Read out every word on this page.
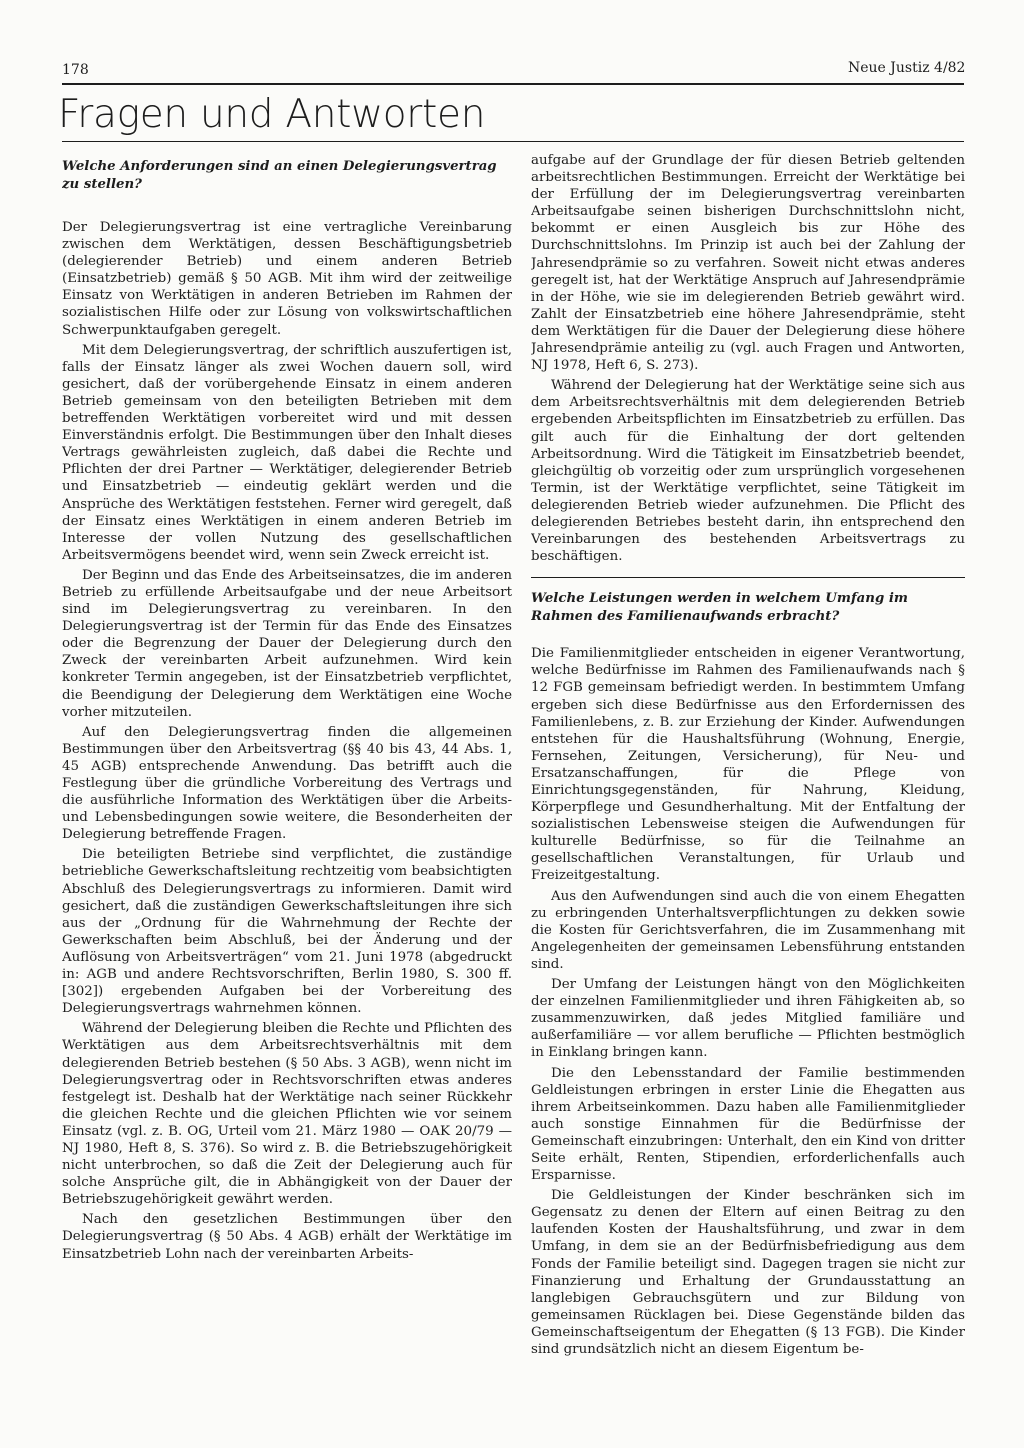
178	Neue Justiz 4/82
Fragen und Antworten
Welche Anforderungen sind an einen Delegierungsvertrag zu stellen?

Der Delegierungsvertrag ist eine vertragliche Vereinbarung zwischen dem Werktätigen, dessen Beschäftigungsbetrieb (delegierender Betrieb) und einem anderen Betrieb (Einsatzbetrieb) gemäß § 50 AGB. Mit ihm wird der zeitweilige Einsatz von Werktätigen in anderen Betrieben im Rahmen der sozialistischen Hilfe oder zur Lösung von volkswirtschaftlichen Schwerpunktaufgaben geregelt.

Mit dem Delegierungsvertrag, der schriftlich auszufertigen ist, falls der Einsatz länger als zwei Wochen dauern soll, wird gesichert, daß der vorübergehende Einsatz in einem anderen Betrieb gemeinsam von den beteiligten Betrieben mit dem betreffenden Werktätigen vorbereitet wird und mit dessen Einverständnis erfolgt. Die Bestimmungen über den Inhalt dieses Vertrags gewährleisten zugleich, daß dabei die Rechte und Pflichten der drei Partner — Werktätiger, delegierender Betrieb und Einsatzbetrieb — eindeutig geklärt werden und die Ansprüche des Werktätigen feststehen. Ferner wird geregelt, daß der Einsatz eines Werktätigen in einem anderen Betrieb im Interesse der vollen Nutzung des gesellschaftlichen Arbeitsvermögens beendet wird, wenn sein Zweck erreicht ist.

Der Beginn und das Ende des Arbeitseinsatzes, die im anderen Betrieb zu erfüllende Arbeitsaufgabe und der neue Arbeitsort sind im Delegierungsvertrag zu vereinbaren. In den Delegierungsvertrag ist der Termin für das Ende des Einsatzes oder die Begrenzung der Dauer der Delegierung durch den Zweck der vereinbarten Arbeit aufzunehmen. Wird kein konkreter Termin angegeben, ist der Einsatzbetrieb verpflichtet, die Beendigung der Delegierung dem Werktätigen eine Woche vorher mitzuteilen.

Auf den Delegierungsvertrag finden die allgemeinen Bestimmungen über den Arbeitsvertrag (§§ 40 bis 43, 44 Abs. 1, 45 AGB) entsprechende Anwendung. Das betrifft auch die Festlegung über die gründliche Vorbereitung des Vertrags und die ausführliche Information des Werktätigen über die Arbeits- und Lebensbedingungen sowie weitere, die Besonderheiten der Delegierung betreffende Fragen.

Die beteiligten Betriebe sind verpflichtet, die zuständige betriebliche Gewerkschaftsleitung rechtzeitig vom beabsichtigten Abschluß des Delegierungsvertrags zu informieren. Damit wird gesichert, daß die zuständigen Gewerkschaftsleitungen ihre sich aus der „Ordnung für die Wahrnehmung der Rechte der Gewerkschaften beim Abschluß, bei der Änderung und der Auflösung von Arbeitsverträgen“ vom 21. Juni 1978 (abgedruckt in: AGB und andere Rechtsvorschriften, Berlin 1980, S. 300 ff. [302]) ergebenden Aufgaben bei der Vorbereitung des Delegierungsvertrags wahrnehmen können.

Während der Delegierung bleiben die Rechte und Pflichten des Werktätigen aus dem Arbeitsrechtsverhältnis mit dem delegierenden Betrieb bestehen (§ 50 Abs. 3 AGB), wenn nicht im Delegierungsvertrag oder in Rechtsvorschriften etwas anderes festgelegt ist. Deshalb hat der Werktätige nach seiner Rückkehr die gleichen Rechte und die gleichen Pflichten wie vor seinem Einsatz (vgl. z. B. OG, Urteil vom 21. März 1980 — OAK 20/79 — NJ 1980, Heft 8, S. 376). So wird z. B. die Betriebszugehörigkeit nicht unterbrochen, so daß die Zeit der Delegierung auch für solche Ansprüche gilt, die in Abhängigkeit von der Dauer der Betriebszugehörigkeit gewährt werden.

Nach den gesetzlichen Bestimmungen über den Delegierungsvertrag (§ 50 Abs. 4 AGB) erhält der Werktätige im Einsatzbetrieb Lohn nach der vereinbarten Arbeits-

aufgabe auf der Grundlage der für diesen Betrieb geltenden arbeitsrechtlichen Bestimmungen. Erreicht der Werktätige bei der Erfüllung der im Delegierungsvertrag vereinbarten Arbeitsaufgabe seinen bisherigen Durchschnittslohn nicht, bekommt er einen Ausgleich bis zur Höhe des Durchschnittslohns. Im Prinzip ist auch bei der Zahlung der Jahresendprämie so zu verfahren. Soweit nicht etwas anderes geregelt ist, hat der Werktätige Anspruch auf Jahresendprämie in der Höhe, wie sie im delegierenden Betrieb gewährt wird. Zahlt der Einsatzbetrieb eine höhere Jahresendprämie, steht dem Werktätigen für die Dauer der Delegierung diese höhere Jahresendprämie anteilig zu (vgl. auch Fragen und Antworten, NJ 1978, Heft 6, S. 273).

Während der Delegierung hat der Werktätige seine sich aus dem Arbeitsrechtsverhältnis mit dem delegierenden Betrieb ergebenden Arbeitspflichten im Einsatzbetrieb zu erfüllen. Das gilt auch für die Einhaltung der dort geltenden Arbeitsordnung. Wird die Tätigkeit im Einsatzbetrieb beendet, gleichgültig ob vorzeitig oder zum ursprünglich vorgesehenen Termin, ist der Werktätige verpflichtet, seine Tätigkeit im delegierenden Betrieb wieder aufzunehmen. Die Pflicht des delegierenden Betriebes besteht darin, ihn entsprechend den Vereinbarungen des bestehenden Arbeitsvertrags zu beschäftigen.

Welche Leistungen werden in welchem Umfang im Rahmen des Familienaufwands erbracht?

Die Familienmitglieder entscheiden in eigener Verantwortung, welche Bedürfnisse im Rahmen des Familienaufwands nach § 12 FGB gemeinsam befriedigt werden. In bestimmtem Umfang ergeben sich diese Bedürfnisse aus den Erfordernissen des Familienlebens, z. B. zur Erziehung der Kinder. Aufwendungen entstehen für die Haushaltsführung (Wohnung, Energie, Fernsehen, Zeitungen, Versicherung), für Neu- und Ersatzanschaffungen, für die Pflege von Einrichtungsgegenständen, für Nahrung, Kleidung, Körperpflege und Gesundherhaltung. Mit der Entfaltung der sozialistischen Lebensweise steigen die Aufwendungen für kulturelle Bedürfnisse, so für die Teilnahme an gesellschaftlichen Veranstaltungen, für Urlaub und Freizeitgestaltung.

Aus den Aufwendungen sind auch die von einem Ehegatten zu erbringenden Unterhaltsverpflichtungen zu dekken sowie die Kosten für Gerichtsverfahren, die im Zusammenhang mit Angelegenheiten der gemeinsamen Lebensführung entstanden sind.

Der Umfang der Leistungen hängt von den Möglichkeiten der einzelnen Familienmitglieder und ihren Fähigkeiten ab, so zusammenzuwirken, daß jedes Mitglied familiäre und außerfamiliäre — vor allem berufliche — Pflichten bestmöglich in Einklang bringen kann.

Die den Lebensstandard der Familie bestimmenden Geldleistungen erbringen in erster Linie die Ehegatten aus ihrem Arbeitseinkommen. Dazu haben alle Familienmitglieder auch sonstige Einnahmen für die Bedürfnisse der Gemeinschaft einzubringen: Unterhalt, den ein Kind von dritter Seite erhält, Renten, Stipendien, erforderlichenfalls auch Ersparnisse.

Die Geldleistungen der Kinder beschränken sich im Gegensatz zu denen der Eltern auf einen Beitrag zu den laufenden Kosten der Haushaltsführung, und zwar in dem Umfang, in dem sie an der Bedürfnisbefriedigung aus dem Fonds der Familie beteiligt sind. Dagegen tragen sie nicht zur Finanzierung und Erhaltung der Grundausstattung an langlebigen Gebrauchsgütern und zur Bildung von gemeinsamen Rücklagen bei. Diese Gegenstände bilden das Gemeinschaftseigentum der Ehegatten (§ 13 FGB). Die Kinder sind grundsätzlich nicht an diesem Eigentum be-
